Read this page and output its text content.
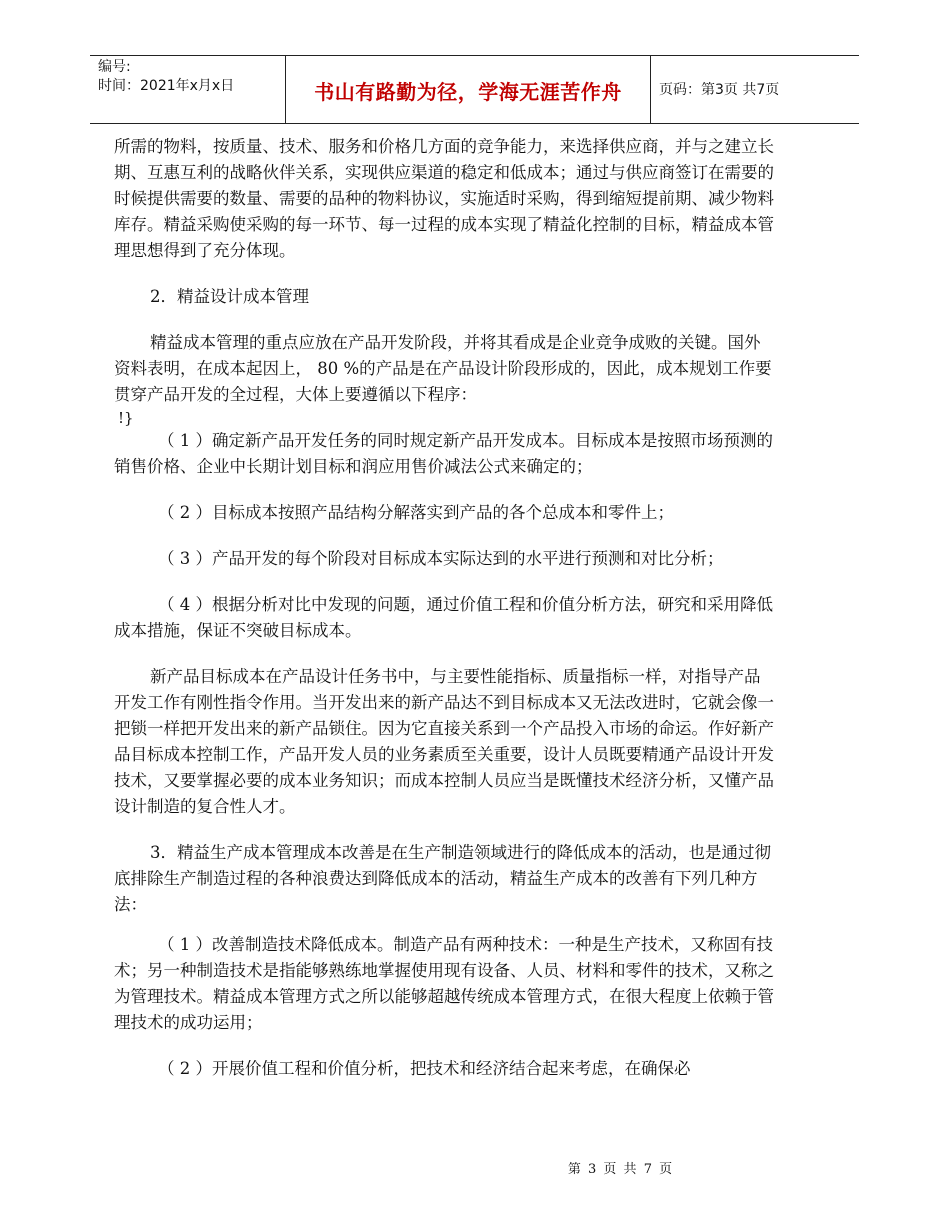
编号:
时间：2021年x月x日	书山有路勤为径，学海无涯苦作舟	页码：第3页 共7页

所需的物料，按质量、技术、服务和价格几方面的竞争能力，来选择供应商，并与之建立长期、互惠互利的战略伙伴关系，实现供应渠道的稳定和低成本；通过与供应商签订在需要的时候提供需要的数量、需要的品种的物料协议，实施适时采购，得到缩短提前期、减少物料库存。精益采购使采购的每一环节、每一过程的成本实现了精益化控制的目标，精益成本管理思想得到了充分体现。

2．精益设计成本管理

精益成本管理的重点应放在产品开发阶段，并将其看成是企业竞争成败的关键。国外资料表明，在成本起因上， 80 %的产品是在产品设计阶段形成的，因此，成本规划工作要贯穿产品开发的全过程，大体上要遵循以下程序：

!}

（ 1 ）确定新产品开发任务的同时规定新产品开发成本。目标成本是按照市场预测的销售价格、企业中长期计划目标和润应用售价减法公式来确定的；

（ 2 ）目标成本按照产品结构分解落实到产品的各个总成本和零件上；

（ 3 ）产品开发的每个阶段对目标成本实际达到的水平进行预测和对比分析；

（ 4 ）根据分析对比中发现的问题，通过价值工程和价值分析方法，研究和采用降低成本措施，保证不突破目标成本。

新产品目标成本在产品设计任务书中，与主要性能指标、质量指标一样，对指导产品开发工作有刚性指令作用。当开发出来的新产品达不到目标成本又无法改进时，它就会像一把锁一样把开发出来的新产品锁住。因为它直接关系到一个产品投入市场的命运。作好新产品目标成本控制工作，产品开发人员的业务素质至关重要，设计人员既要精通产品设计开发技术，又要掌握必要的成本业务知识；而成本控制人员应当是既懂技术经济分析，又懂产品设计制造的复合性人才。

3．精益生产成本管理成本改善是在生产制造领域进行的降低成本的活动，也是通过彻底排除生产制造过程的各种浪费达到降低成本的活动，精益生产成本的改善有下列几种方法：

（ 1 ）改善制造技术降低成本。制造产品有两种技术：一种是生产技术，又称固有技术；另一种制造技术是指能够熟练地掌握使用现有设备、人员、材料和零件的技术，又称之为管理技术。精益成本管理方式之所以能够超越传统成本管理方式，在很大程度上依赖于管理技术的成功运用；

（ 2 ）开展价值工程和价值分析，把技术和经济结合起来考虑，在确保必

第 3 页 共 7 页
